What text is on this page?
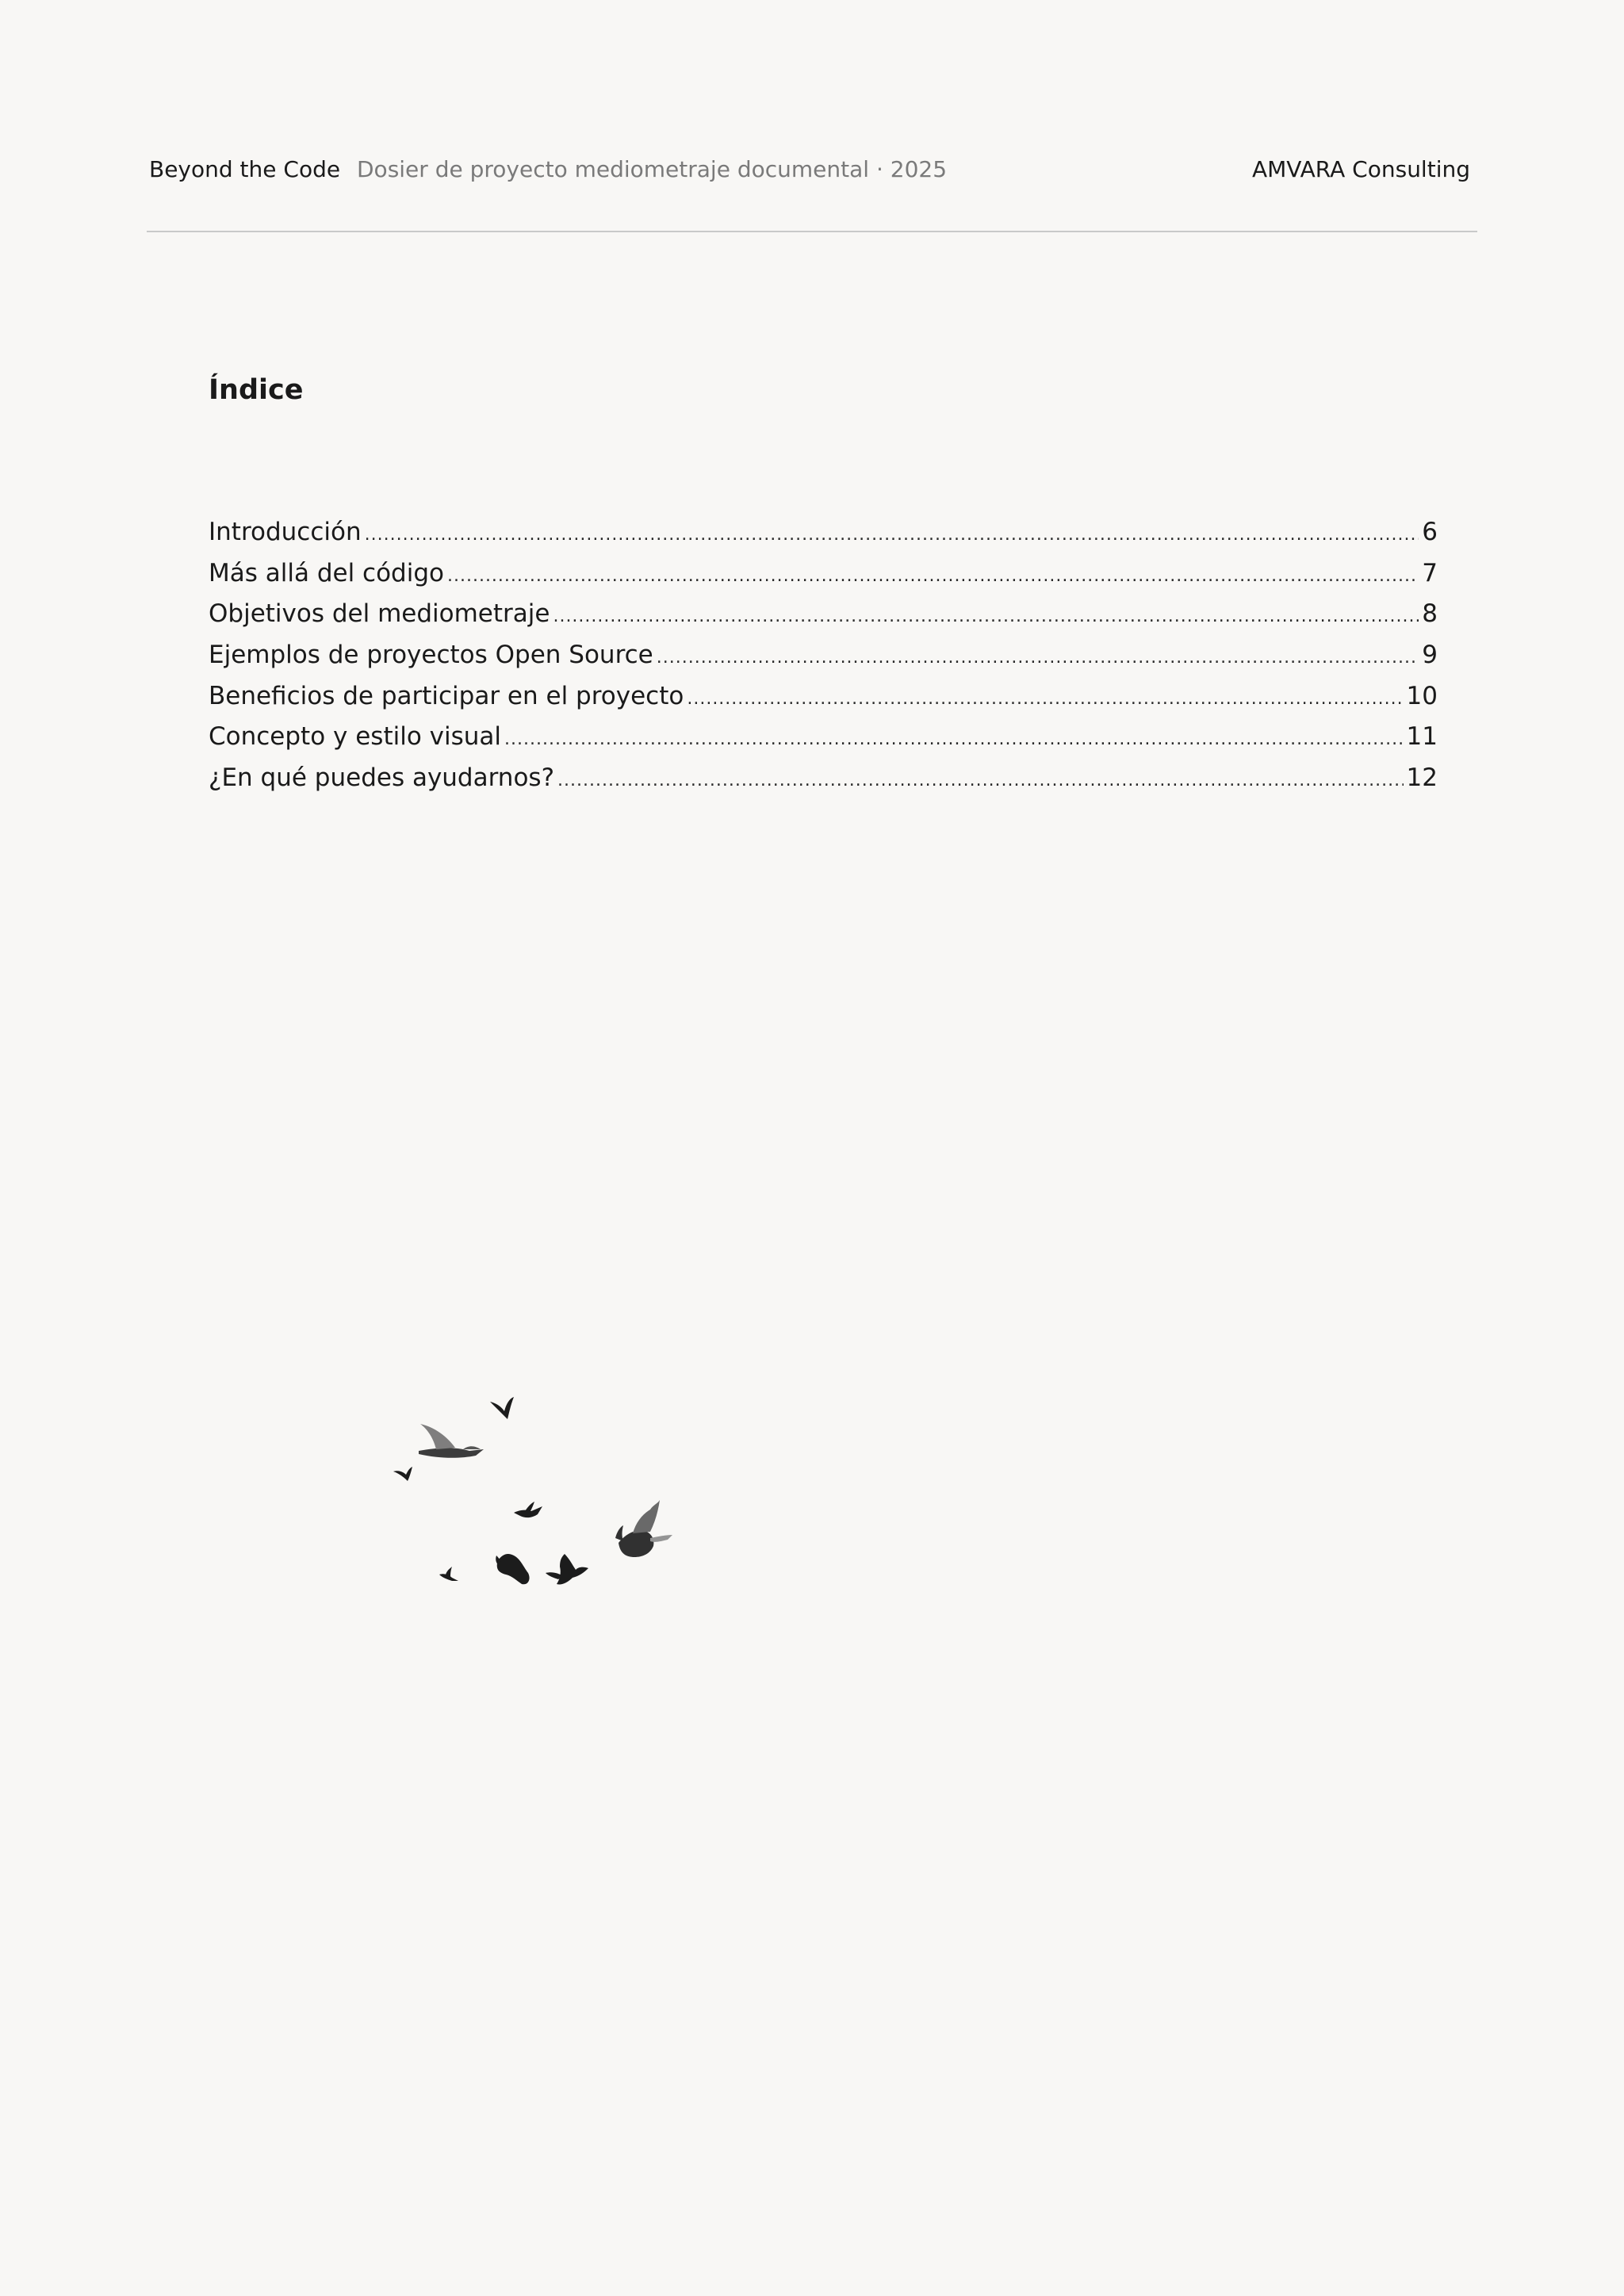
Beyond the Code Dosier de proyecto mediometraje documental · 2025	AMVARA Consulting
Índice
Introducción .....	6
Más allá del código .....	7
Objetivos del mediometraje .....	8
Ejemplos de proyectos Open Source .....	9
Beneficios de participar en el proyecto .....	10
Concepto y estilo visual .....	11
¿En qué puedes ayudarnos? .....	12
